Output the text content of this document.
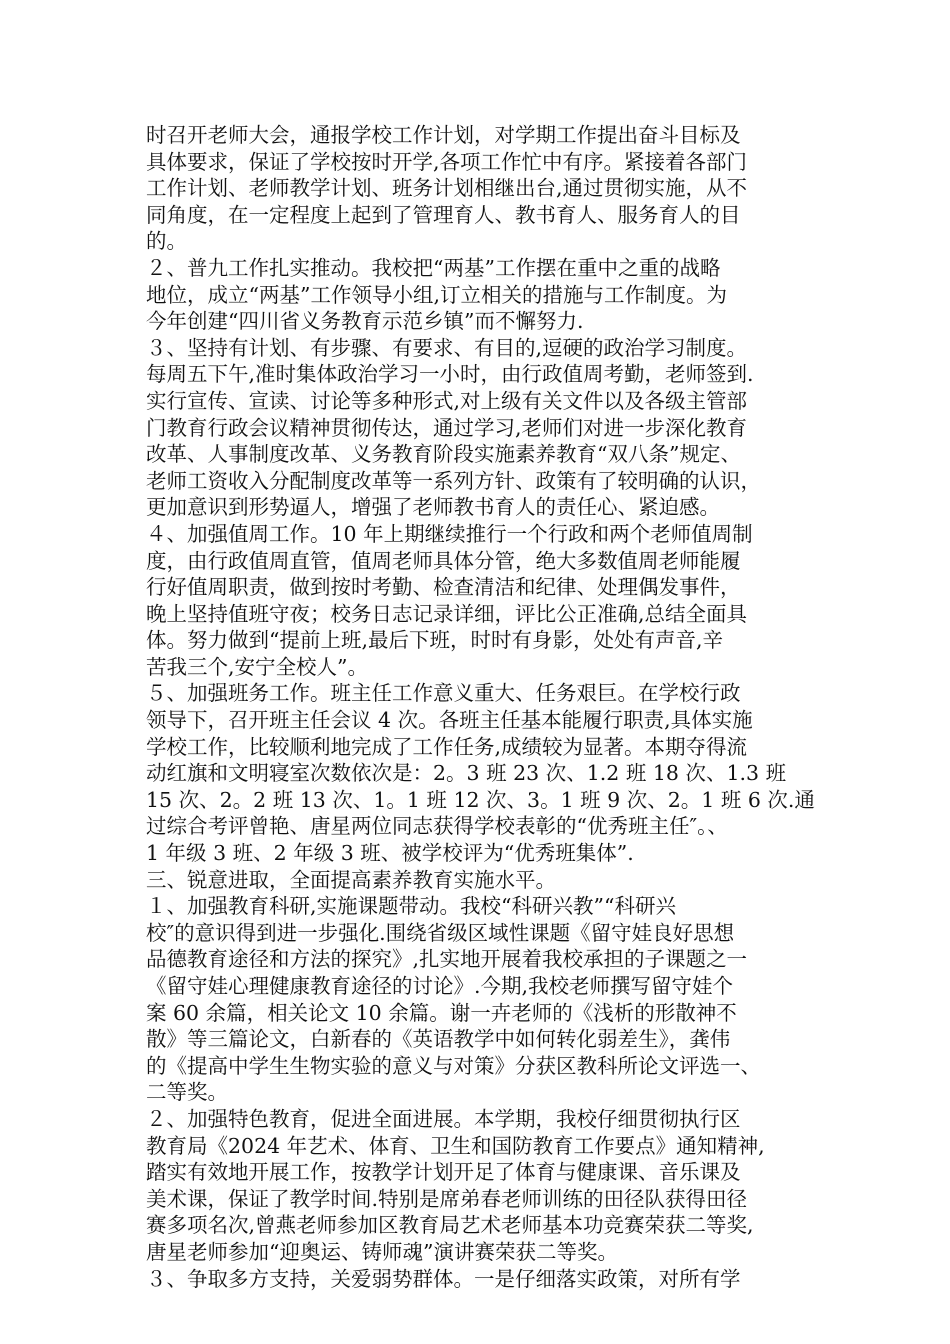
时召开老师大会，通报学校工作计划，对学期工作提出奋斗目标及
具体要求，保证了学校按时开学,各项工作忙中有序。紧接着各部门
工作计划、老师教学计划、班务计划相继出台,通过贯彻实施，从不
同角度，在一定程度上起到了管理育人、教书育人、服务育人的目
的。
２、普九工作扎实推动。我校把“两基”工作摆在重中之重的战略
地位，成立“两基”工作领导小组,订立相关的措施与工作制度。为
今年创建“四川省义务教育示范乡镇”而不懈努力.
３、坚持有计划、有步骤、有要求、有目的,逗硬的政治学习制度。
每周五下午,准时集体政治学习一小时，由行政值周考勤，老师签到.
实行宣传、宣读、讨论等多种形式,对上级有关文件以及各级主管部
门教育行政会议精神贯彻传达，通过学习,老师们对进一步深化教育
改革、人事制度改革、义务教育阶段实施素养教育“双八条”规定、
老师工资收入分配制度改革等一系列方针、政策有了较明确的认识，
更加意识到形势逼人，增强了老师教书育人的责任心、紧迫感。
４、加强值周工作。10 年上期继续推行一个行政和两个老师值周制
度，由行政值周直管，值周老师具体分管，绝大多数值周老师能履
行好值周职责，做到按时考勤、检查清洁和纪律、处理偶发事件，
晚上坚持值班守夜；校务日志记录详细，评比公正准确,总结全面具
体。努力做到“提前上班,最后下班，时时有身影，处处有声音,辛
苦我三个,安宁全校人”。
５、加强班务工作。班主任工作意义重大、任务艰巨。在学校行政
领导下，召开班主任会议 4 次。各班主任基本能履行职责,具体实施
学校工作，比较顺利地完成了工作任务,成绩较为显著。本期夺得流
动红旗和文明寝室次数依次是：2。3 班 23 次、1.2 班 18 次、1.3 班
15 次、2。2 班 13 次、1。1 班 12 次、3。1 班 9 次、2。1 班 6 次.通
过综合考评曾艳、唐星两位同志获得学校表彰的“优秀班主任″。、
1 年级 3 班、2 年级 3 班、被学校评为“优秀班集体”.
三、锐意进取，全面提高素养教育实施水平。
１、加强教育科研,实施课题带动。我校“科研兴教”“科研兴
校″的意识得到进一步强化.围绕省级区域性课题《留守娃良好思想
品德教育途径和方法的探究》,扎实地开展着我校承担的子课题之一
《留守娃心理健康教育途径的讨论》.今期,我校老师撰写留守娃个
案 60 余篇，相关论文 10 余篇。谢一卉老师的《浅析的形散神不
散》等三篇论文，白新春的《英语教学中如何转化弱差生》，龚伟
的《提高中学生生物实验的意义与对策》分获区教科所论文评选一、
二等奖。
２、加强特色教育，促进全面进展。本学期，我校仔细贯彻执行区
教育局《2024 年艺术、体育、卫生和国防教育工作要点》通知精神,
踏实有效地开展工作，按教学计划开足了体育与健康课、音乐课及
美术课，保证了教学时间.特别是席弟春老师训练的田径队获得田径
赛多项名次,曾燕老师参加区教育局艺术老师基本功竞赛荣获二等奖,
唐星老师参加“迎奥运、铸师魂”演讲赛荣获二等奖。
３、争取多方支持，关爱弱势群体。一是仔细落实政策，对所有学
